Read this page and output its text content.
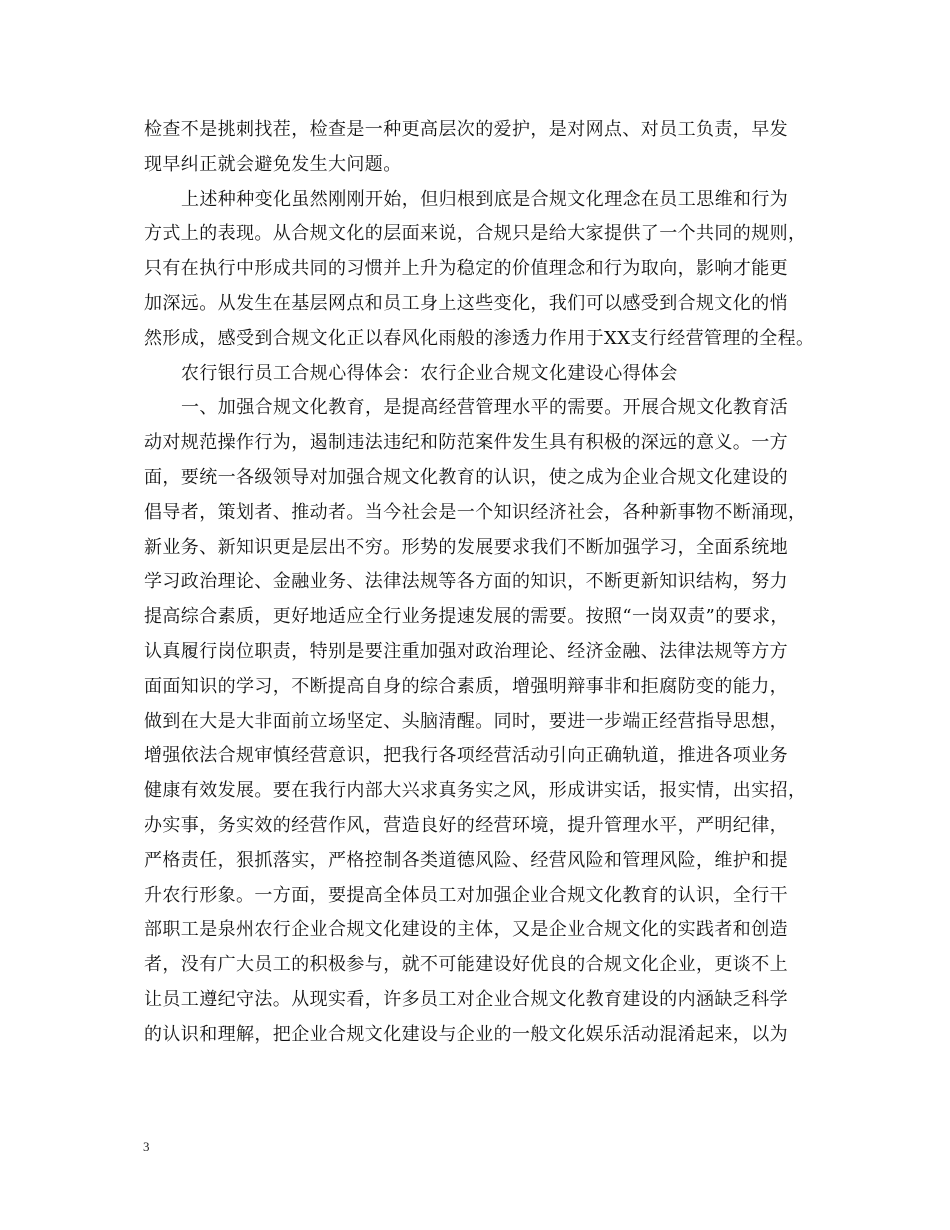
检查不是挑刺找茬，检查是一种更高层次的爱护，是对网点、对员工负责，早发
现早纠正就会避免发生大问题。
上述种种变化虽然刚刚开始，但归根到底是合规文化理念在员工思维和行为
方式上的表现。从合规文化的层面来说，合规只是给大家提供了一个共同的规则，
只有在执行中形成共同的习惯并上升为稳定的价值理念和行为取向，影响才能更
加深远。从发生在基层网点和员工身上这些变化，我们可以感受到合规文化的悄
然形成，感受到合规文化正以春风化雨般的渗透力作用于XX支行经营管理的全程。
农行银行员工合规心得体会：农行企业合规文化建设心得体会
一、加强合规文化教育，是提高经营管理水平的需要。开展合规文化教育活
动对规范操作行为，遏制违法违纪和防范案件发生具有积极的深远的意义。一方
面，要统一各级领导对加强合规文化教育的认识，使之成为企业合规文化建设的
倡导者，策划者、推动者。当今社会是一个知识经济社会，各种新事物不断涌现，
新业务、新知识更是层出不穷。形势的发展要求我们不断加强学习，全面系统地
学习政治理论、金融业务、法律法规等各方面的知识，不断更新知识结构，努力
提高综合素质，更好地适应全行业务提速发展的需要。按照“一岗双责”的要求，
认真履行岗位职责，特别是要注重加强对政治理论、经济金融、法律法规等方方
面面知识的学习，不断提高自身的综合素质，增强明辩事非和拒腐防变的能力，
做到在大是大非面前立场坚定、头脑清醒。同时，要进一步端正经营指导思想，
增强依法合规审慎经营意识，把我行各项经营活动引向正确轨道，推进各项业务
健康有效发展。要在我行内部大兴求真务实之风，形成讲实话，报实情，出实招，
办实事，务实效的经营作风，营造良好的经营环境，提升管理水平，严明纪律，
严格责任，狠抓落实，严格控制各类道德风险、经营风险和管理风险，维护和提
升农行形象。一方面，要提高全体员工对加强企业合规文化教育的认识，全行干
部职工是泉州农行企业合规文化建设的主体，又是企业合规文化的实践者和创造
者，没有广大员工的积极参与，就不可能建设好优良的合规文化企业，更谈不上
让员工遵纪守法。从现实看，许多员工对企业合规文化教育建设的内涵缺乏科学
的认识和理解，把企业合规文化建设与企业的一般文化娱乐活动混淆起来，以为
3
